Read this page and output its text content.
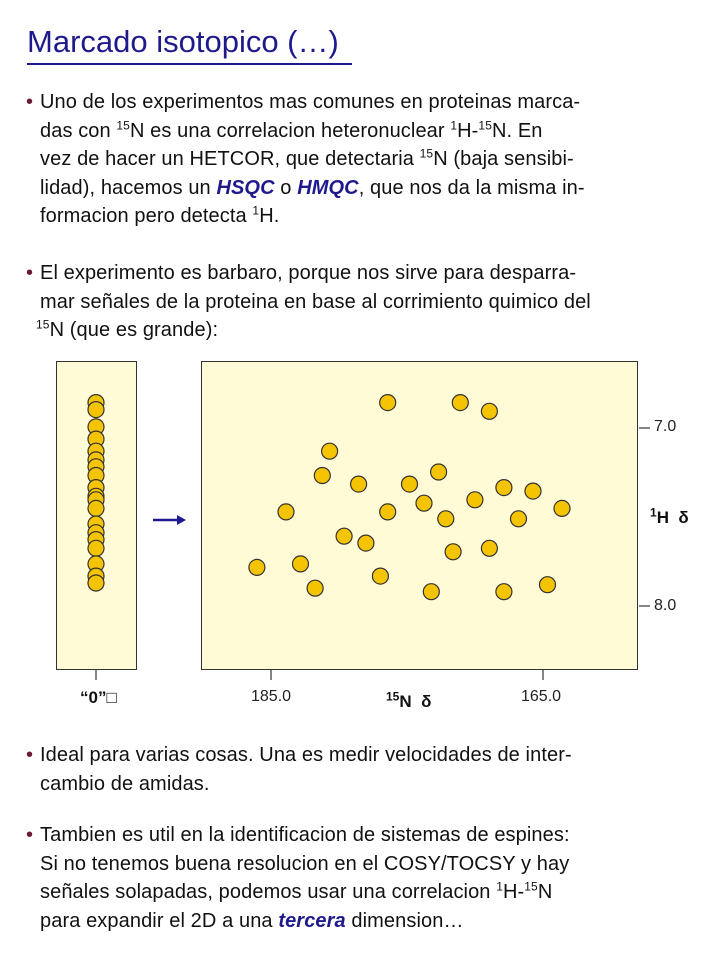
Marcado isotopico (…)
• Uno de los experimentos mas comunes en proteinas marca-
das con $^{15}$N es una correlacion heteronuclear $^1$H-$^{15}$N. En
vez de hacer un HETCOR, que detectaria $^{15}$N (baja sensibi-
lidad), hacemos un HSQC o HMQC, que nos da la misma in-
formacion pero detecta $^1$H.
• El experimento es barbaro, porque nos sirve para desparra-
mar señales de la proteina en base al corrimiento quimico del
$^{15}$N (que es grande):
7.0
8.0
$^1$H  δ
185.0	165.0
$^{15}$N  δ
“0”□
• Ideal para varias cosas. Una es medir velocidades de inter-
cambio de amidas.
• Tambien es util en la identificacion de sistemas de espines:
Si no tenemos buena resolucion en el COSY/TOCSY y hay
señales solapadas, podemos usar una correlacion $^1$H-$^{15}$N
para expandir el 2D a una tercera dimension…
